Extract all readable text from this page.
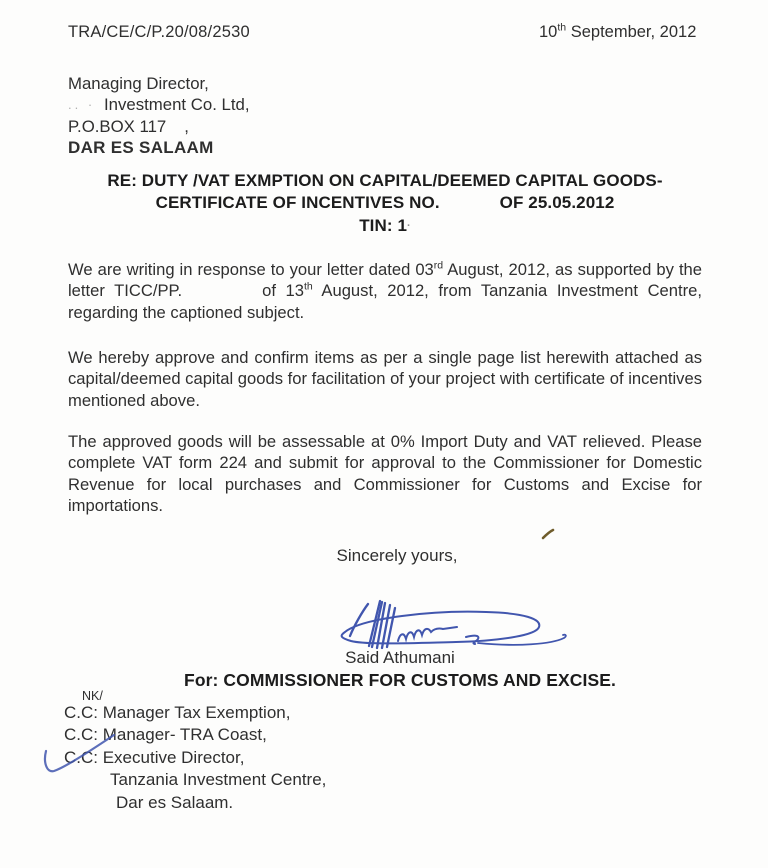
TRA/CE/C/P.20/08/2530	10th September, 2012
Managing Director,
.. · Investment Co. Ltd,
P.O.BOX 117 ,
DAR ES SALAAM
RE: DUTY /VAT EXMPTION ON CAPITAL/DEEMED CAPITAL GOODS-
CERTIFICATE OF INCENTIVES NO.	OF 25.05.2012
TIN: 1·
We are writing in response to your letter dated 03rd August, 2012, as supported by the letter TICC/PP.	of 13th August, 2012, from Tanzania Investment Centre, regarding the captioned subject.
We hereby approve and confirm items as per a single page list herewith attached as capital/deemed capital goods for facilitation of your project with certificate of incentives mentioned above.
The approved goods will be assessable at 0% Import Duty and VAT relieved. Please complete VAT form 224 and submit for approval to the Commissioner for Domestic Revenue for local purchases and Commissioner for Customs and Excise for importations.
Sincerely yours,
Said Athumani
For: COMMISSIONER FOR CUSTOMS AND EXCISE.
NK/
C.C: Manager Tax Exemption,
C.C: Manager- TRA Coast,
C.C: Executive Director,
Tanzania Investment Centre,
Dar es Salaam.
